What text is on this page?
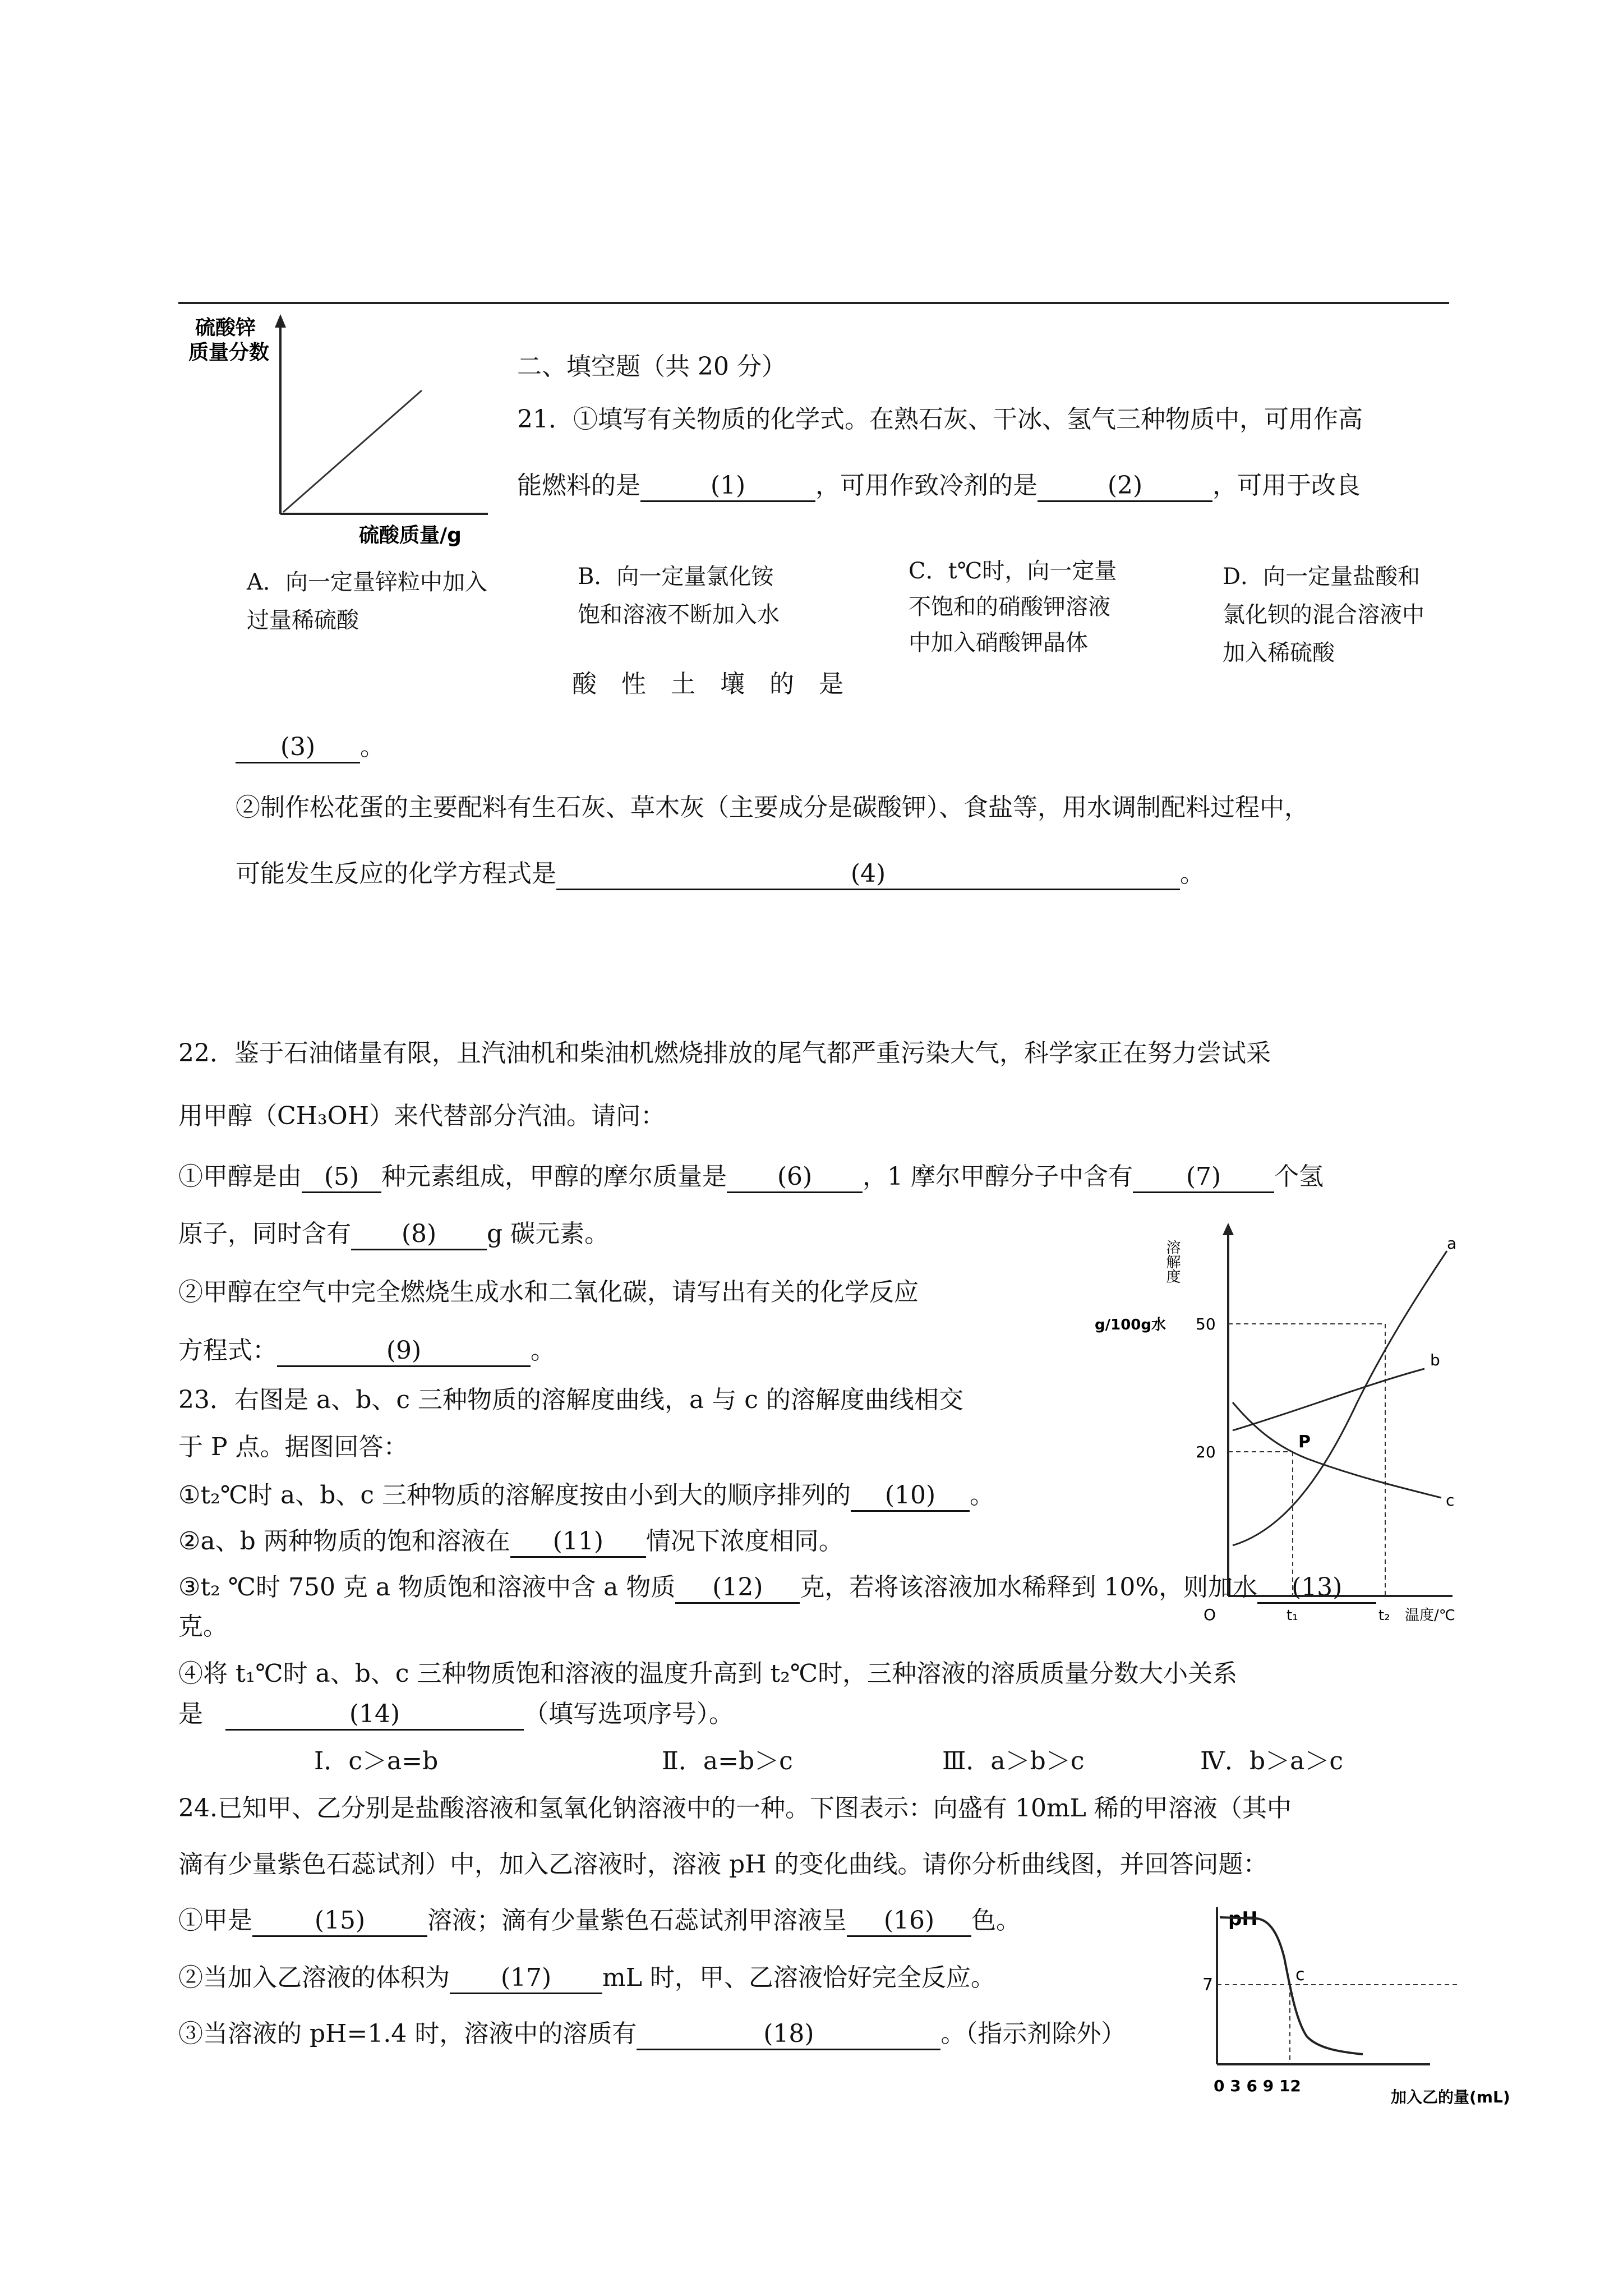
硫酸锌
质量分数
硫酸质量/g
A．向一定量锌粒中加入
过量稀硫酸
B．向一定量氯化铵
饱和溶液不断加入水
C．t℃时，向一定量
不饱和的硝酸钾溶液
中加入硝酸钾晶体
D．向一定量盐酸和
氯化钡的混合溶液中
加入稀硫酸
二、填空题（共 20 分）
21．①填写有关物质的化学式。在熟石灰、干冰、氢气三种物质中，可用作高
能燃料的是	(1)	，可用作致冷剂的是	(2)	，可用于改良
酸　性　土　壤　的　是
(3) 。
②制作松花蛋的主要配料有生石灰、草木灰（主要成分是碳酸钾）、食盐等，用水调制配料过程中，
可能发生反应的化学方程式是	(4)	。
22．鉴于石油储量有限，且汽油机和柴油机燃烧排放的尾气都严重污染大气，科学家正在努力尝试采
用甲醇（CH₃OH）来代替部分汽油。请问：
①甲醇是由 (5) 种元素组成，甲醇的摩尔质量是 (6) ，1 摩尔甲醇分子中含有 (7) 个氢
原子，同时含有 (8) g 碳元素。
②甲醇在空气中完全燃烧生成水和二氧化碳，请写出有关的化学反应
方程式：	(9)	。
溶解度
g/100g水 50
20
O
a
b
c
P
t₁	t₂ 温度/℃
23．右图是 a、b、c 三种物质的溶解度曲线，a 与 c 的溶解度曲线相交
于 P 点。据图回答：
①t₂℃时 a、b、c 三种物质的溶解度按由小到大的顺序排列的 (10) 。
②a、b 两种物质的饱和溶液在 (11) 情况下浓度相同。
③t₂ ℃时 750 克 a 物质饱和溶液中含 a 物质 (12) 克，若将该溶液加水稀释到 10%，则加水 (13)
克。
④将 t₁℃时 a、b、c 三种物质饱和溶液的温度升高到 t₂℃时，三种溶液的溶质质量分数大小关系
是	(14)	（填写选项序号）。
Ⅰ．c＞a=b	Ⅱ．a=b＞c	Ⅲ．a＞b＞c	Ⅳ．b＞a＞c
24.已知甲、乙分别是盐酸溶液和氢氧化钠溶液中的一种。下图表示：向盛有 10mL 稀的甲溶液（其中
滴有少量紫色石蕊试剂）中，加入乙溶液时，溶液 pH 的变化曲线。请你分析曲线图，并回答问题：
①甲是	(15)	溶液；滴有少量紫色石蕊试剂甲溶液呈 (16) 色。
②当加入乙溶液的体积为 (17) mL 时，甲、乙溶液恰好完全反应。
③当溶液的 pH=1.4 时，溶液中的溶质有	(18)	。（指示剂除外）
pH
7
c
0 3 6 9 12
加入乙的量(mL)
